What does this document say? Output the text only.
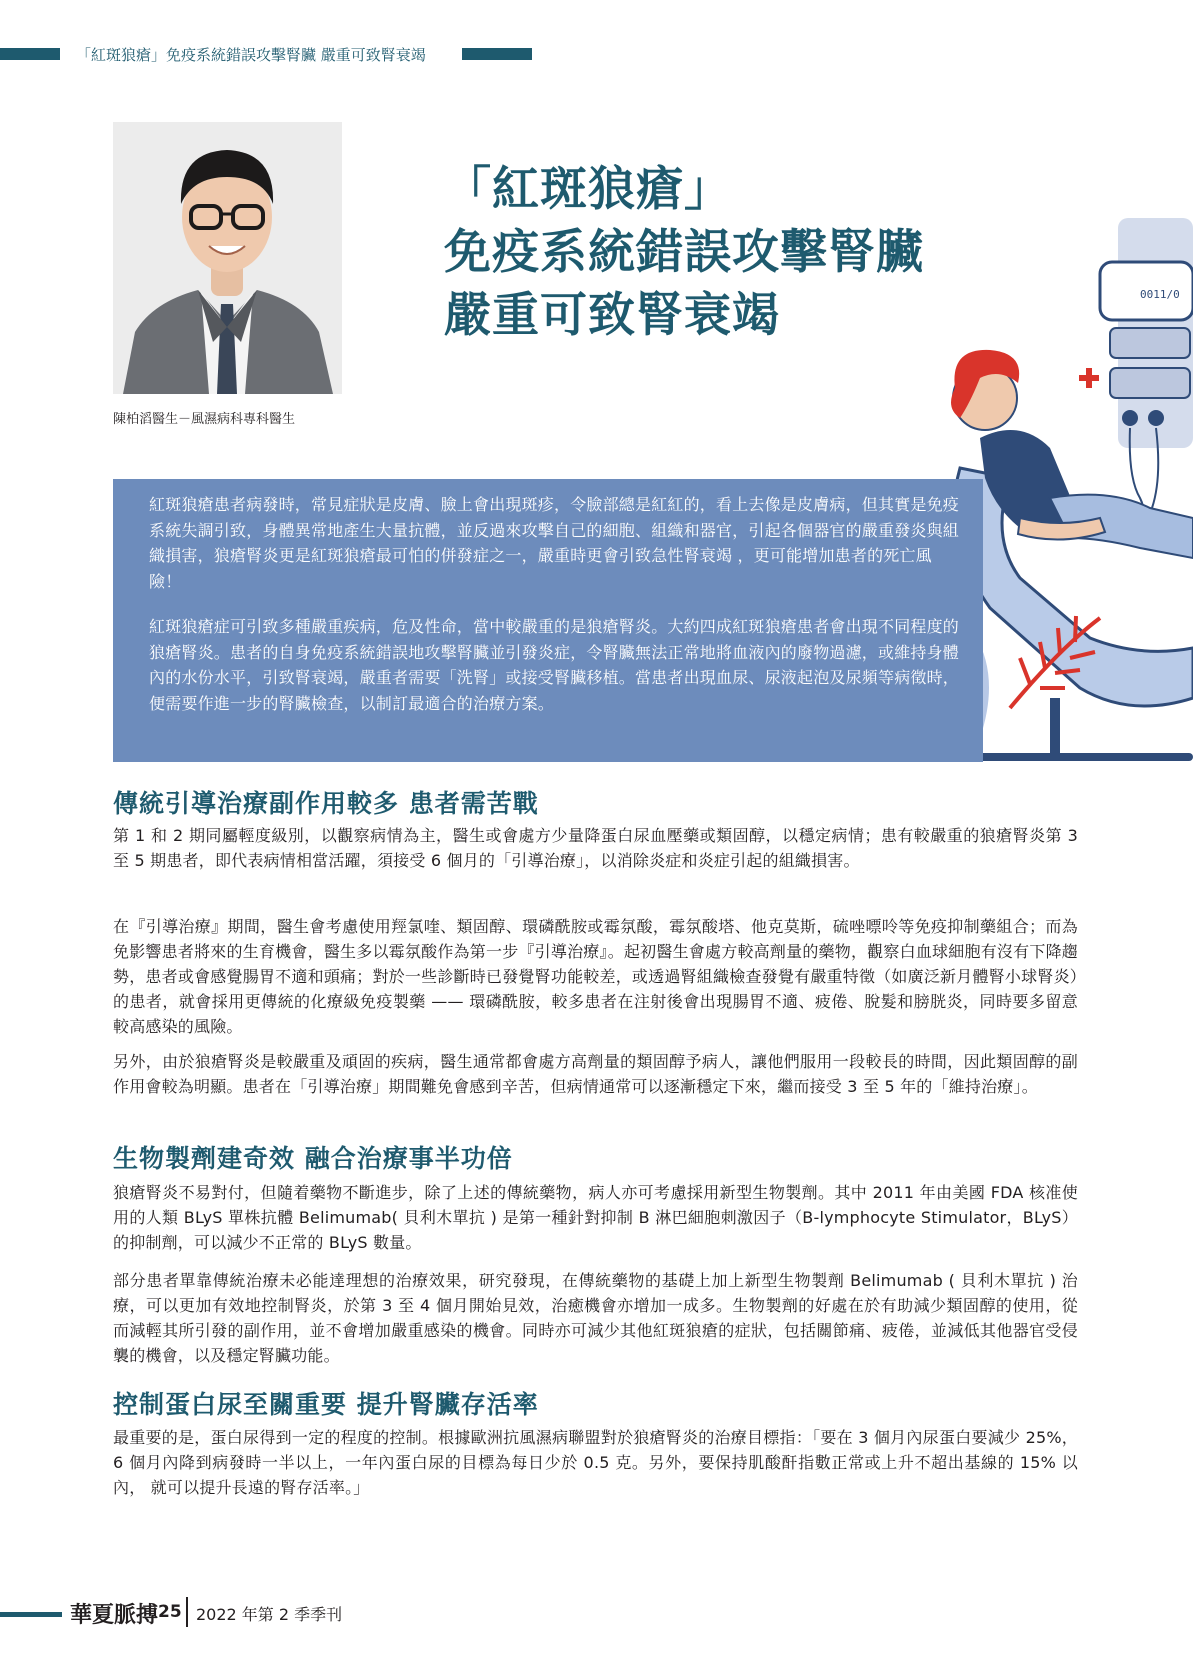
「紅斑狼瘡」免疫系統錯誤攻擊腎臟 嚴重可致腎衰竭
陳柏滔醫生－風濕病科專科醫生
「紅斑狼瘡」
免疫系統錯誤攻擊腎臟
嚴重可致腎衰竭	0011/0

紅斑狼瘡患者病發時，常見症狀是皮膚、臉上會出現斑疹，令臉部總是紅紅的，看上去像是皮膚病，但其實是免疫系統失調引致，身體異常地產生大量抗體，並反過來攻擊自己的細胞、組織和器官，引起各個器官的嚴重發炎與組織損害，狼瘡腎炎更是紅斑狼瘡最可怕的併發症之一，嚴重時更會引致急性腎衰竭 ，更可能增加患者的死亡風險！

紅斑狼瘡症可引致多種嚴重疾病，危及性命，當中較嚴重的是狼瘡腎炎。大約四成紅斑狼瘡患者會出現不同程度的狼瘡腎炎。患者的自身免疫系統錯誤地攻擊腎臟並引發炎症，令腎臟無法正常地將血液內的廢物過濾，或維持身體內的水份水平，引致腎衰竭，嚴重者需要「洗腎」或接受腎臟移植。當患者出現血尿、尿液起泡及尿頻等病徵時，便需要作進一步的腎臟檢查，以制訂最適合的治療方案。

傳統引導治療副作用較多 患者需苦戰

第 1 和 2 期同屬輕度級別，以觀察病情為主，醫生或會處方少量降蛋白尿血壓藥或類固醇，以穩定病情；患有較嚴重的狼瘡腎炎第 3 至 5 期患者，即代表病情相當活躍，須接受 6 個月的「引導治療」，以消除炎症和炎症引起的組織損害。

在『引導治療』期間，醫生會考慮使用羥氯喹、類固醇、環磷酰胺或霉氛酸，霉氛酸塔、他克莫斯，硫唑嘌呤等免疫抑制藥組合；而為免影響患者將來的生育機會，醫生多以霉氛酸作為第一步『引導治療』。起初醫生會處方較高劑量的藥物，觀察白血球細胞有沒有下降趨勢，患者或會感覺腸胃不適和頭痛；對於一些診斷時已發覺腎功能較差，或透過腎組織檢查發覺有嚴重特徵（如廣泛新月體腎小球腎炎）的患者，就會採用更傳統的化療級免疫製藥 —— 環磷酰胺，較多患者在注射後會出現腸胃不適、疲倦、脫髮和膀胱炎，同時要多留意較高感染的風險。

另外，由於狼瘡腎炎是較嚴重及頑固的疾病，醫生通常都會處方高劑量的類固醇予病人，讓他們服用一段較長的時間，因此類固醇的副作用會較為明顯。患者在「引導治療」期間難免會感到辛苦，但病情通常可以逐漸穩定下來，繼而接受 3 至 5 年的「維持治療」。

生物製劑建奇效 融合治療事半功倍

狼瘡腎炎不易對付，但隨着藥物不斷進步，除了上述的傳統藥物，病人亦可考慮採用新型生物製劑。其中 2011 年由美國 FDA 核准使用的人類 BLyS 單株抗體 Belimumab( 貝利木單抗 ) 是第一種針對抑制 B 淋巴細胞刺激因子（B-lymphocyte Stimulator，BLyS）的抑制劑，可以減少不正常的 BLyS 數量。

部分患者單靠傳統治療未必能達理想的治療效果，研究發現，在傳統藥物的基礎上加上新型生物製劑 Belimumab ( 貝利木單抗 ) 治療，可以更加有效地控制腎炎，於第 3 至 4 個月開始見效，治癒機會亦增加一成多。生物製劑的好處在於有助減少類固醇的使用，從而減輕其所引發的副作用，並不會增加嚴重感染的機會。同時亦可減少其他紅斑狼瘡的症狀，包括關節痛、疲倦，並減低其他器官受侵襲的機會，以及穩定腎臟功能。

控制蛋白尿至關重要 提升腎臟存活率

最重要的是，蛋白尿得到一定的程度的控制。根據歐洲抗風濕病聯盟對於狼瘡腎炎的治療目標指：「要在 3 個月內尿蛋白要減少 25%，6 個月內降到病發時一半以上，一年內蛋白尿的目標為每日少於 0.5 克。另外，要保持肌酸酐指數正常或上升不超出基線的 15% 以內， 就可以提升長遠的腎存活率。」

華夏脈搏 25 2022 年第 2 季季刊
